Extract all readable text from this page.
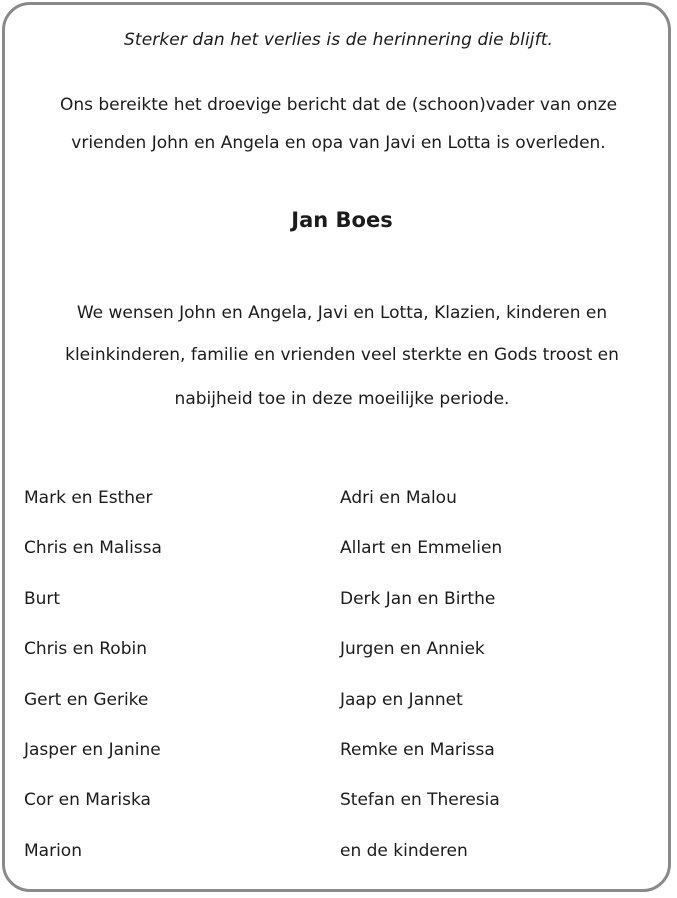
Sterker dan het verlies is de herinnering die blijft.
Ons bereikte het droevige bericht dat de (schoon)vader van onze
vrienden John en Angela en opa van Javi en Lotta is overleden.
Jan Boes
We wensen John en Angela, Javi en Lotta, Klazien, kinderen en
kleinkinderen, familie en vrienden veel sterkte en Gods troost en
nabijheid toe in deze moeilijke periode.
Mark en Esther	Adri en Malou
Chris en Malissa	Allart en Emmelien
Burt	Derk Jan en Birthe
Chris en Robin	Jurgen en Anniek
Gert en Gerike	Jaap en Jannet
Jasper en Janine	Remke en Marissa
Cor en Mariska	Stefan en Theresia
Marion	en de kinderen
